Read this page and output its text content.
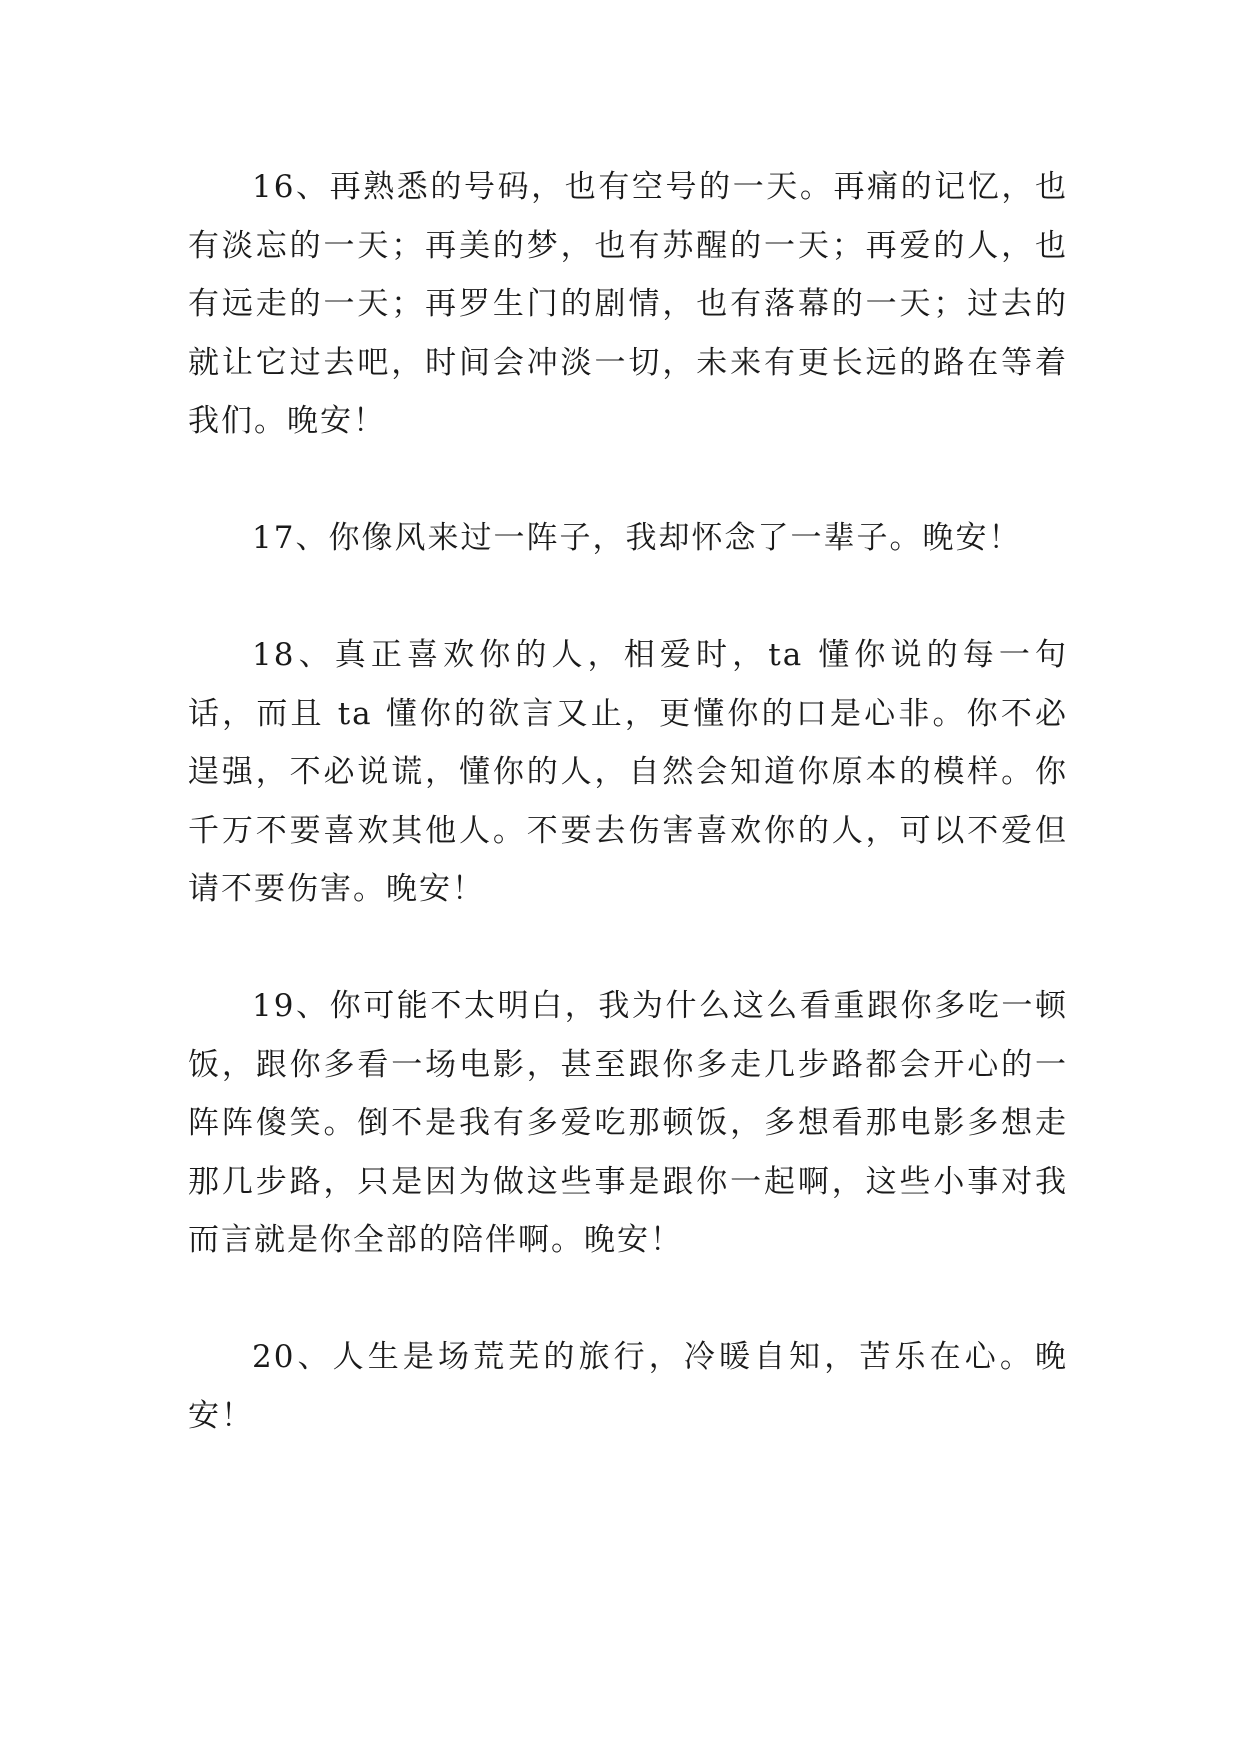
16、再熟悉的号码，也有空号的一天。再痛的记忆，也有淡忘的一天；再美的梦，也有苏醒的一天；再爱的人，也有远走的一天；再罗生门的剧情，也有落幕的一天；过去的就让它过去吧，时间会冲淡一切，未来有更长远的路在等着我们。晚安！

17、你像风来过一阵子，我却怀念了一辈子。晚安！

18、真正喜欢你的人，相爱时，ta 懂你说的每一句话，而且 ta 懂你的欲言又止，更懂你的口是心非。你不必逞强，不必说谎，懂你的人，自然会知道你原本的模样。你千万不要喜欢其他人。不要去伤害喜欢你的人，可以不爱但请不要伤害。晚安！

19、你可能不太明白，我为什么这么看重跟你多吃一顿饭，跟你多看一场电影，甚至跟你多走几步路都会开心的一阵阵傻笑。倒不是我有多爱吃那顿饭，多想看那电影多想走那几步路，只是因为做这些事是跟你一起啊，这些小事对我而言就是你全部的陪伴啊。晚安！

20、人生是场荒芜的旅行，冷暖自知，苦乐在心。晚安！
